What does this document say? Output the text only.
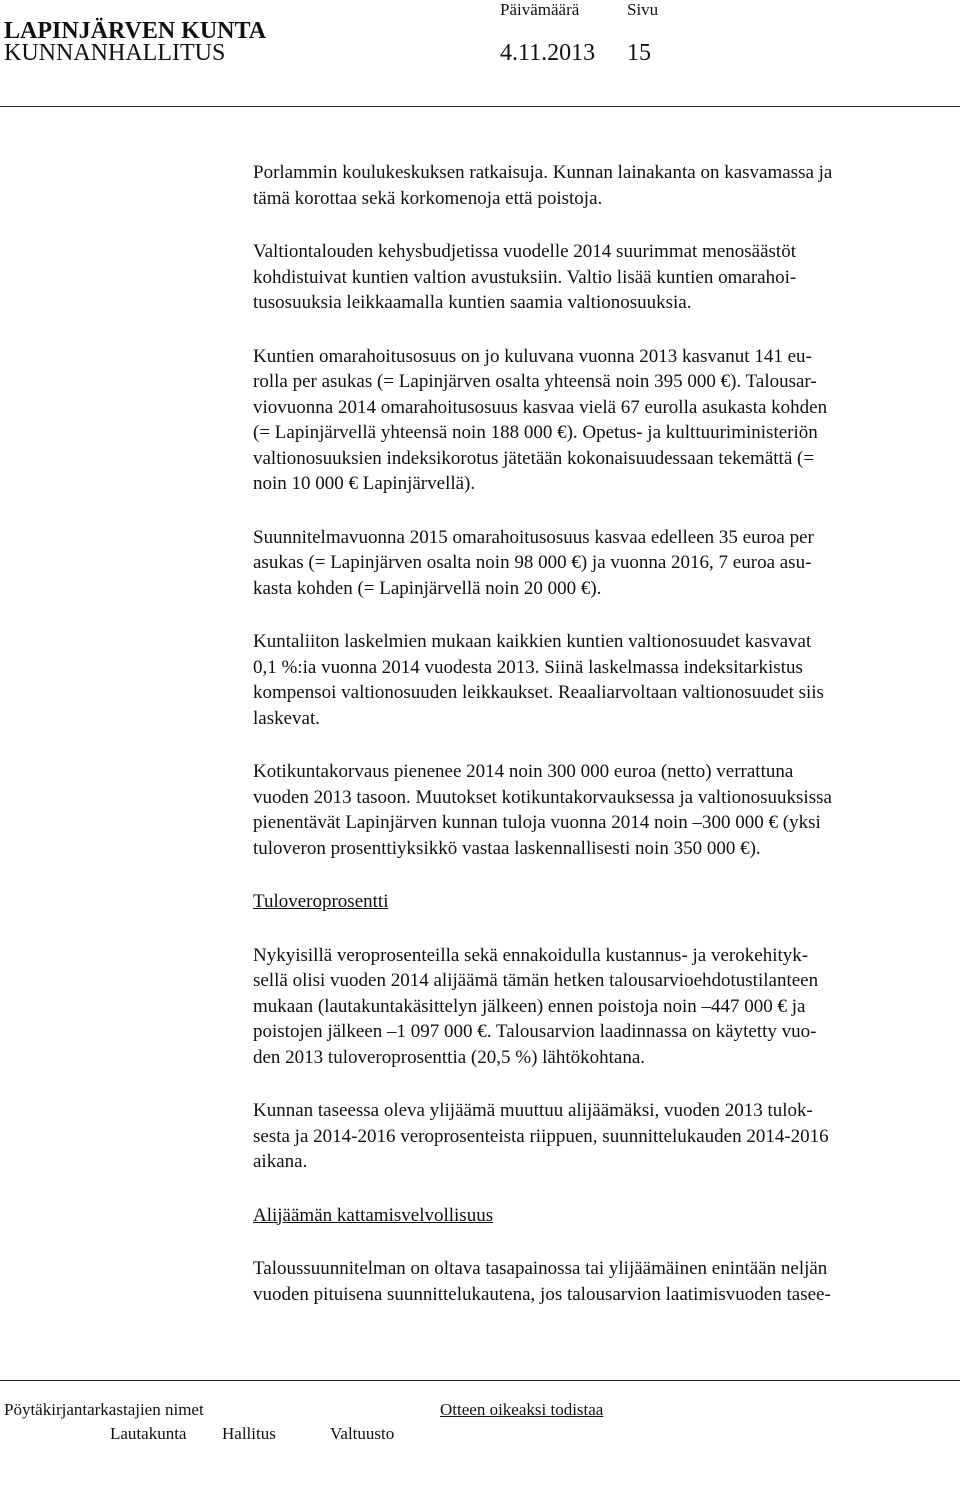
LAPINJÄRVEN KUNTA
Päivämäärä	Sivu
KUNNANHALLITUS	4.11.2013 15
Porlammin koulukeskuksen ratkaisuja. Kunnan lainakanta on kasvamassa ja
tämä korottaa sekä korkomenoja että poistoja.
Valtiontalouden kehysbudjetissa vuodelle 2014 suurimmat menosäästöt
kohdistuivat kuntien valtion avustuksiin. Valtio lisää kuntien omarahoi-
tusosuuksia leikkaamalla kuntien saamia valtionosuuksia.
Kuntien omarahoitusosuus on jo kuluvana vuonna 2013 kasvanut 141 eu-
rolla per asukas (= Lapinjärven osalta yhteensä noin 395 000 €). Talousar-
viovuonna 2014 omarahoitusosuus kasvaa vielä 67 eurolla asukasta kohden
(= Lapinjärvellä yhteensä noin 188 000 €). Opetus- ja kulttuuriministeriön
valtionosuuksien indeksikorotus jätetään kokonaisuudessaan tekemättä (=
noin 10 000 € Lapinjärvellä).
Suunnitelmavuonna 2015 omarahoitusosuus kasvaa edelleen 35 euroa per
asukas (= Lapinjärven osalta noin 98 000 €) ja vuonna 2016, 7 euroa asu-
kasta kohden (= Lapinjärvellä noin 20 000 €).
Kuntaliiton laskelmien mukaan kaikkien kuntien valtionosuudet kasvavat
0,1 %:ia vuonna 2014 vuodesta 2013. Siinä laskelmassa indeksitarkistus
kompensoi valtionosuuden leikkaukset. Reaaliarvoltaan valtionosuudet siis
laskevat.
Kotikuntakorvaus pienenee 2014 noin 300 000 euroa (netto) verrattuna
vuoden 2013 tasoon. Muutokset kotikuntakorvauksessa ja valtionosuuksissa
pienentävät Lapinjärven kunnan tuloja vuonna 2014 noin –300 000 € (yksi
tuloveron prosenttiyksikkö vastaa laskennallisesti noin 350 000 €).
Tuloveroprosentti
Nykyisillä veroprosenteilla sekä ennakoidulla kustannus- ja verokehityk-
sellä olisi vuoden 2014 alijäämä tämän hetken talousarvioehdotustilanteen
mukaan (lautakuntakäsittelyn jälkeen) ennen poistoja noin –447 000 € ja
poistojen jälkeen –1 097 000 €. Talousarvion laadinnassa on käytetty vuo-
den 2013 tuloveroprosenttia (20,5 %) lähtökohtana.
Kunnan taseessa oleva ylijäämä muuttuu alijäämäksi, vuoden 2013 tulok-
sesta ja 2014-2016 veroprosenteista riippuen, suunnittelukauden 2014-2016
aikana.
Alijäämän kattamisvelvollisuus
Taloussuunnitelman on oltava tasapainossa tai ylijäämäinen enintään neljän
vuoden pituisena suunnittelukautena, jos talousarvion laatimisvuoden tasee-
Pöytäkirjantarkastajien nimet	Otteen oikeaksi todistaa
Lautakunta Hallitus	Valtuusto
